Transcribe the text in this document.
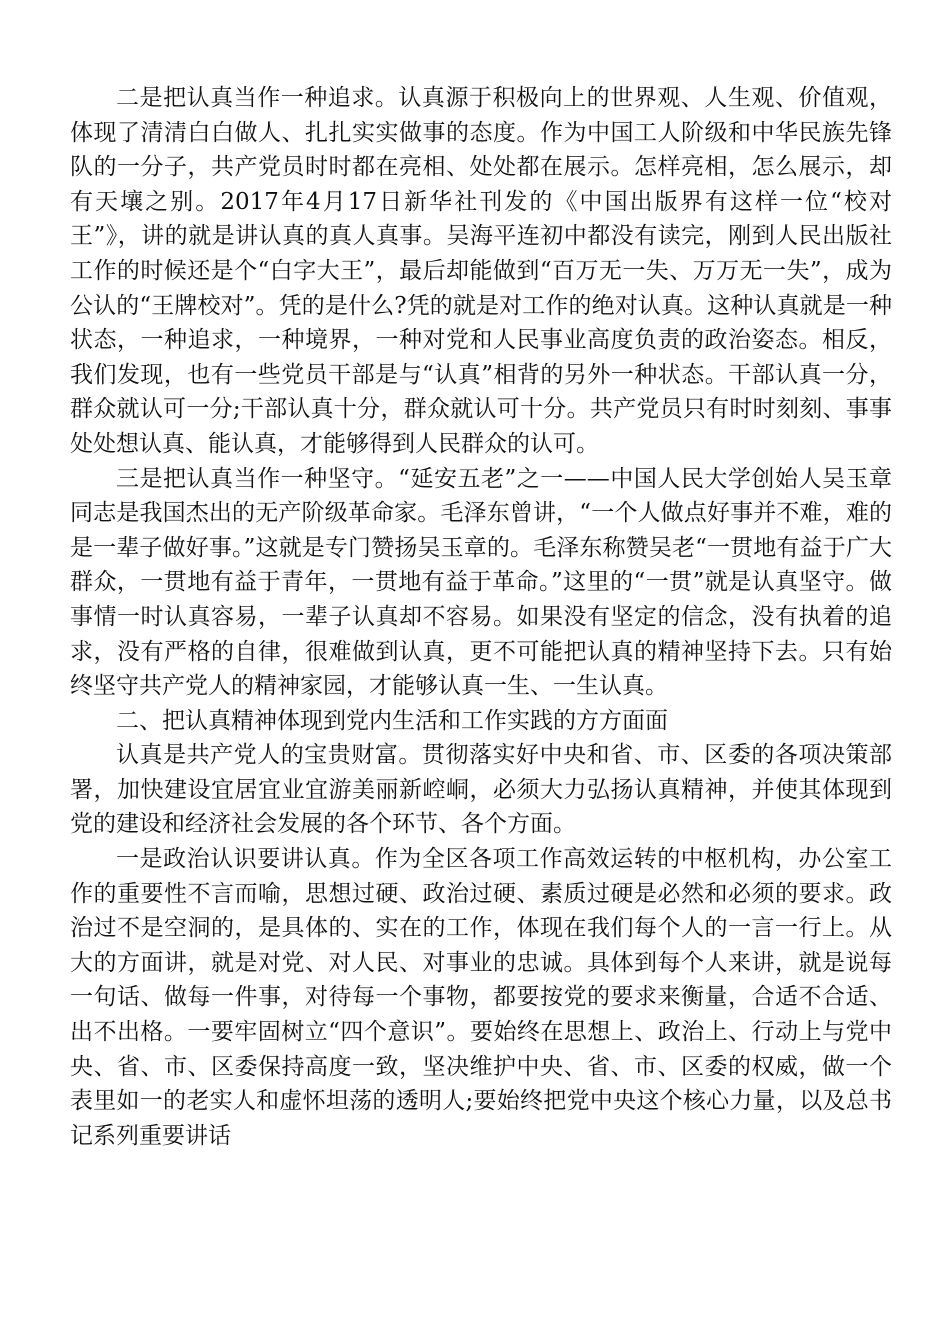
二是把认真当作一种追求。认真源于积极向上的世界观、人生观、价值观，体现了清清白白做人、扎扎实实做事的态度。作为中国工人阶级和中华民族先锋队的一分子，共产党员时时都在亮相、处处都在展示。怎样亮相，怎么展示，却有天壤之别。2017年4月17日新华社刊发的《中国出版界有这样一位“校对王”》，讲的就是讲认真的真人真事。吴海平连初中都没有读完，刚到人民出版社工作的时候还是个“白字大王”，最后却能做到“百万无一失、万万无一失”，成为公认的“王牌校对”。凭的是什么?凭的就是对工作的绝对认真。这种认真就是一种状态，一种追求，一种境界，一种对党和人民事业高度负责的政治姿态。相反，我们发现，也有一些党员干部是与“认真”相背的另外一种状态。干部认真一分，群众就认可一分;干部认真十分，群众就认可十分。共产党员只有时时刻刻、事事处处想认真、能认真，才能够得到人民群众的认可。

三是把认真当作一种坚守。“延安五老”之一——中国人民大学创始人吴玉章同志是我国杰出的无产阶级革命家。毛泽东曾讲，“一个人做点好事并不难，难的是一辈子做好事。”这就是专门赞扬吴玉章的。毛泽东称赞吴老“一贯地有益于广大群众，一贯地有益于青年，一贯地有益于革命。”这里的“一贯”就是认真坚守。做事情一时认真容易，一辈子认真却不容易。如果没有坚定的信念，没有执着的追求，没有严格的自律，很难做到认真，更不可能把认真的精神坚持下去。只有始终坚守共产党人的精神家园，才能够认真一生、一生认真。

二、把认真精神体现到党内生活和工作实践的方方面面

认真是共产党人的宝贵财富。贯彻落实好中央和省、市、区委的各项决策部署，加快建设宜居宜业宜游美丽新崆峒，必须大力弘扬认真精神，并使其体现到党的建设和经济社会发展的各个环节、各个方面。

一是政治认识要讲认真。作为全区各项工作高效运转的中枢机构，办公室工作的重要性不言而喻，思想过硬、政治过硬、素质过硬是必然和必须的要求。政治过不是空洞的，是具体的、实在的工作，体现在我们每个人的一言一行上。从大的方面讲，就是对党、对人民、对事业的忠诚。具体到每个人来讲，就是说每一句话、做每一件事，对待每一个事物，都要按党的要求来衡量，合适不合适、出不出格。一要牢固树立“四个意识”。要始终在思想上、政治上、行动上与党中央、省、市、区委保持高度一致，坚决维护中央、省、市、区委的权威，做一个表里如一的老实人和虚怀坦荡的透明人;要始终把党中央这个核心力量，以及总书记系列重要讲话
